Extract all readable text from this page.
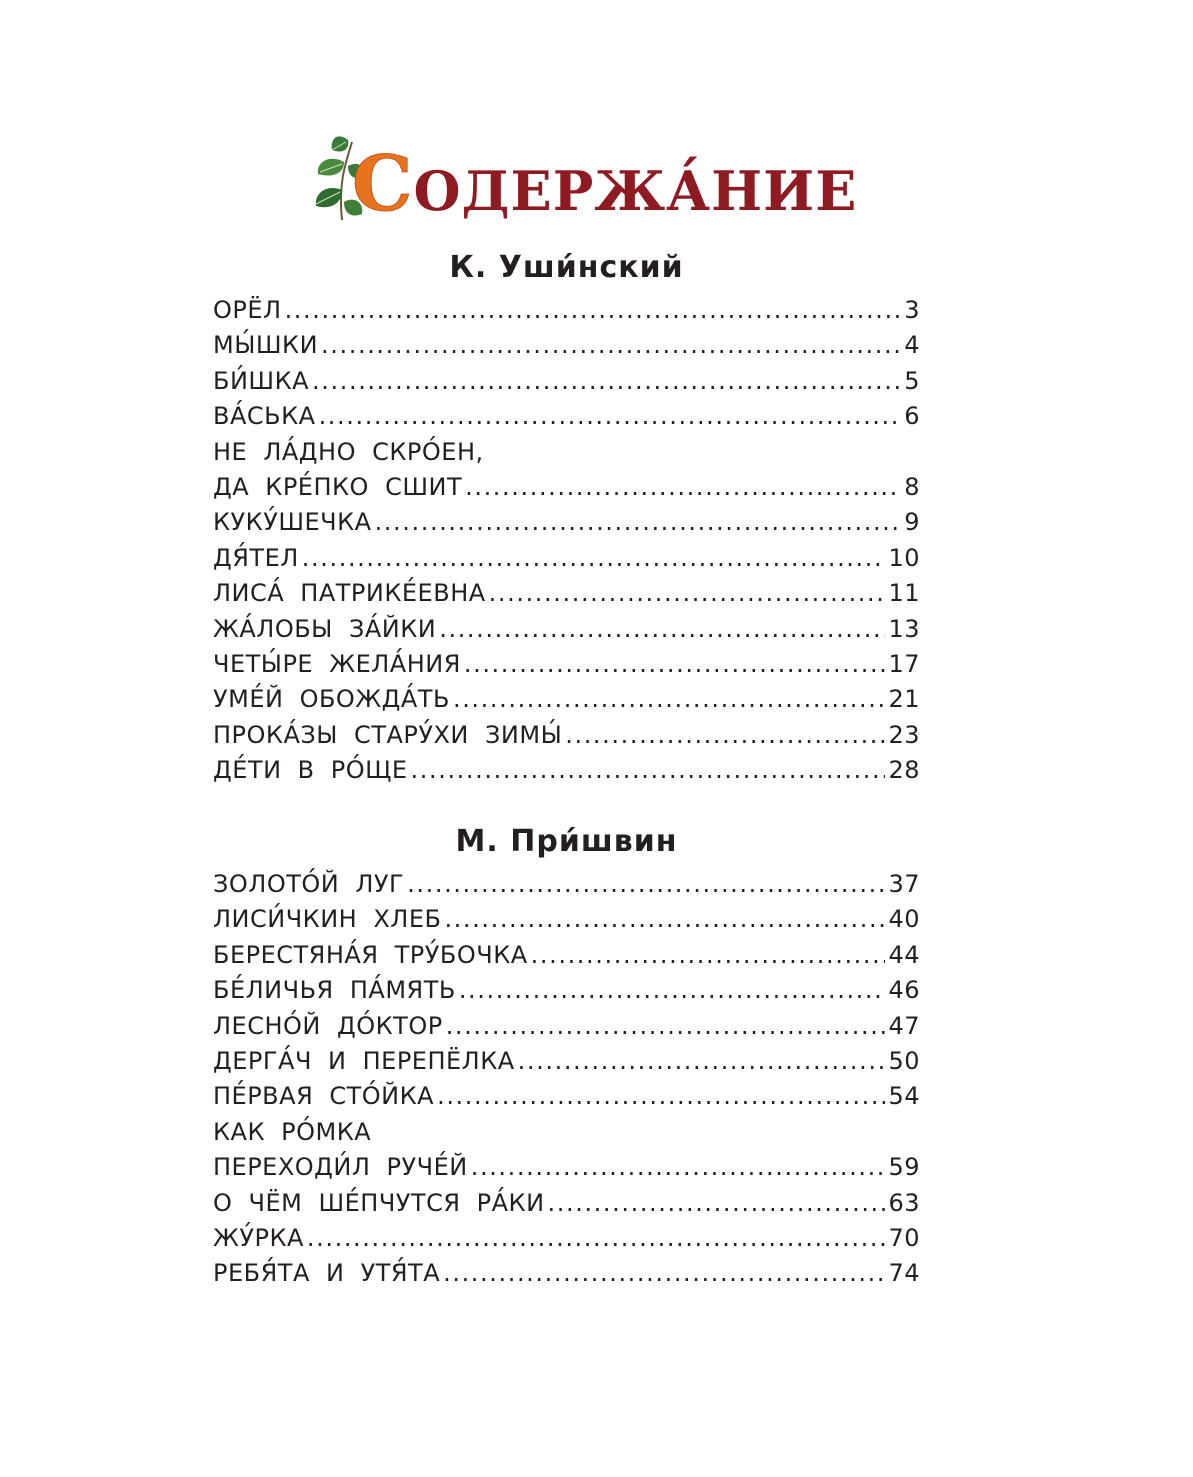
СОДЕРЖА́НИЕ
К. Уши́нский
ОРЁЛ .....	3
МЫ́ШКИ .....	4
БИ́ШКА .....	5
ВА́СЬКА .....	6
НЕ ЛА́ДНО СКРО́ЕН,
ДА КРЕ́ПКО СШИТ .....	8
КУКУ́ШЕЧКА .....	9
ДЯ́ТЕЛ .....	10
ЛИСА́ ПАТРИКЕ́ЕВНА .....	11
ЖА́ЛОБЫ ЗА́ЙКИ .....	13
ЧЕТЫ́РЕ ЖЕЛА́НИЯ .....	17
УМЕ́Й ОБОЖДА́ТЬ .....	21
ПРОКА́ЗЫ СТАРУ́ХИ ЗИМЫ́ .....	23
ДЕ́ТИ В РО́ЩЕ .....	28
М. При́швин
ЗОЛОТО́Й ЛУГ .....	37
ЛИСИ́ЧКИН ХЛЕБ .....	40
БЕРЕСТЯНА́Я ТРУ́БОЧКА .....	44
БЕ́ЛИЧЬЯ ПА́МЯТЬ .....	46
ЛЕСНО́Й ДО́КТОР .....	47
ДЕРГА́Ч И ПЕРЕПЁЛКА .....	50
ПЕ́РВАЯ СТО́ЙКА .....	54
КАК РО́МКА
ПЕРЕХОДИ́Л РУЧЕ́Й .....	59
О ЧЁМ ШЕ́ПЧУТСЯ РА́КИ .....	63
ЖУ́РКА .....	70
РЕБЯ́ТА И УТЯ́ТА .....	74
